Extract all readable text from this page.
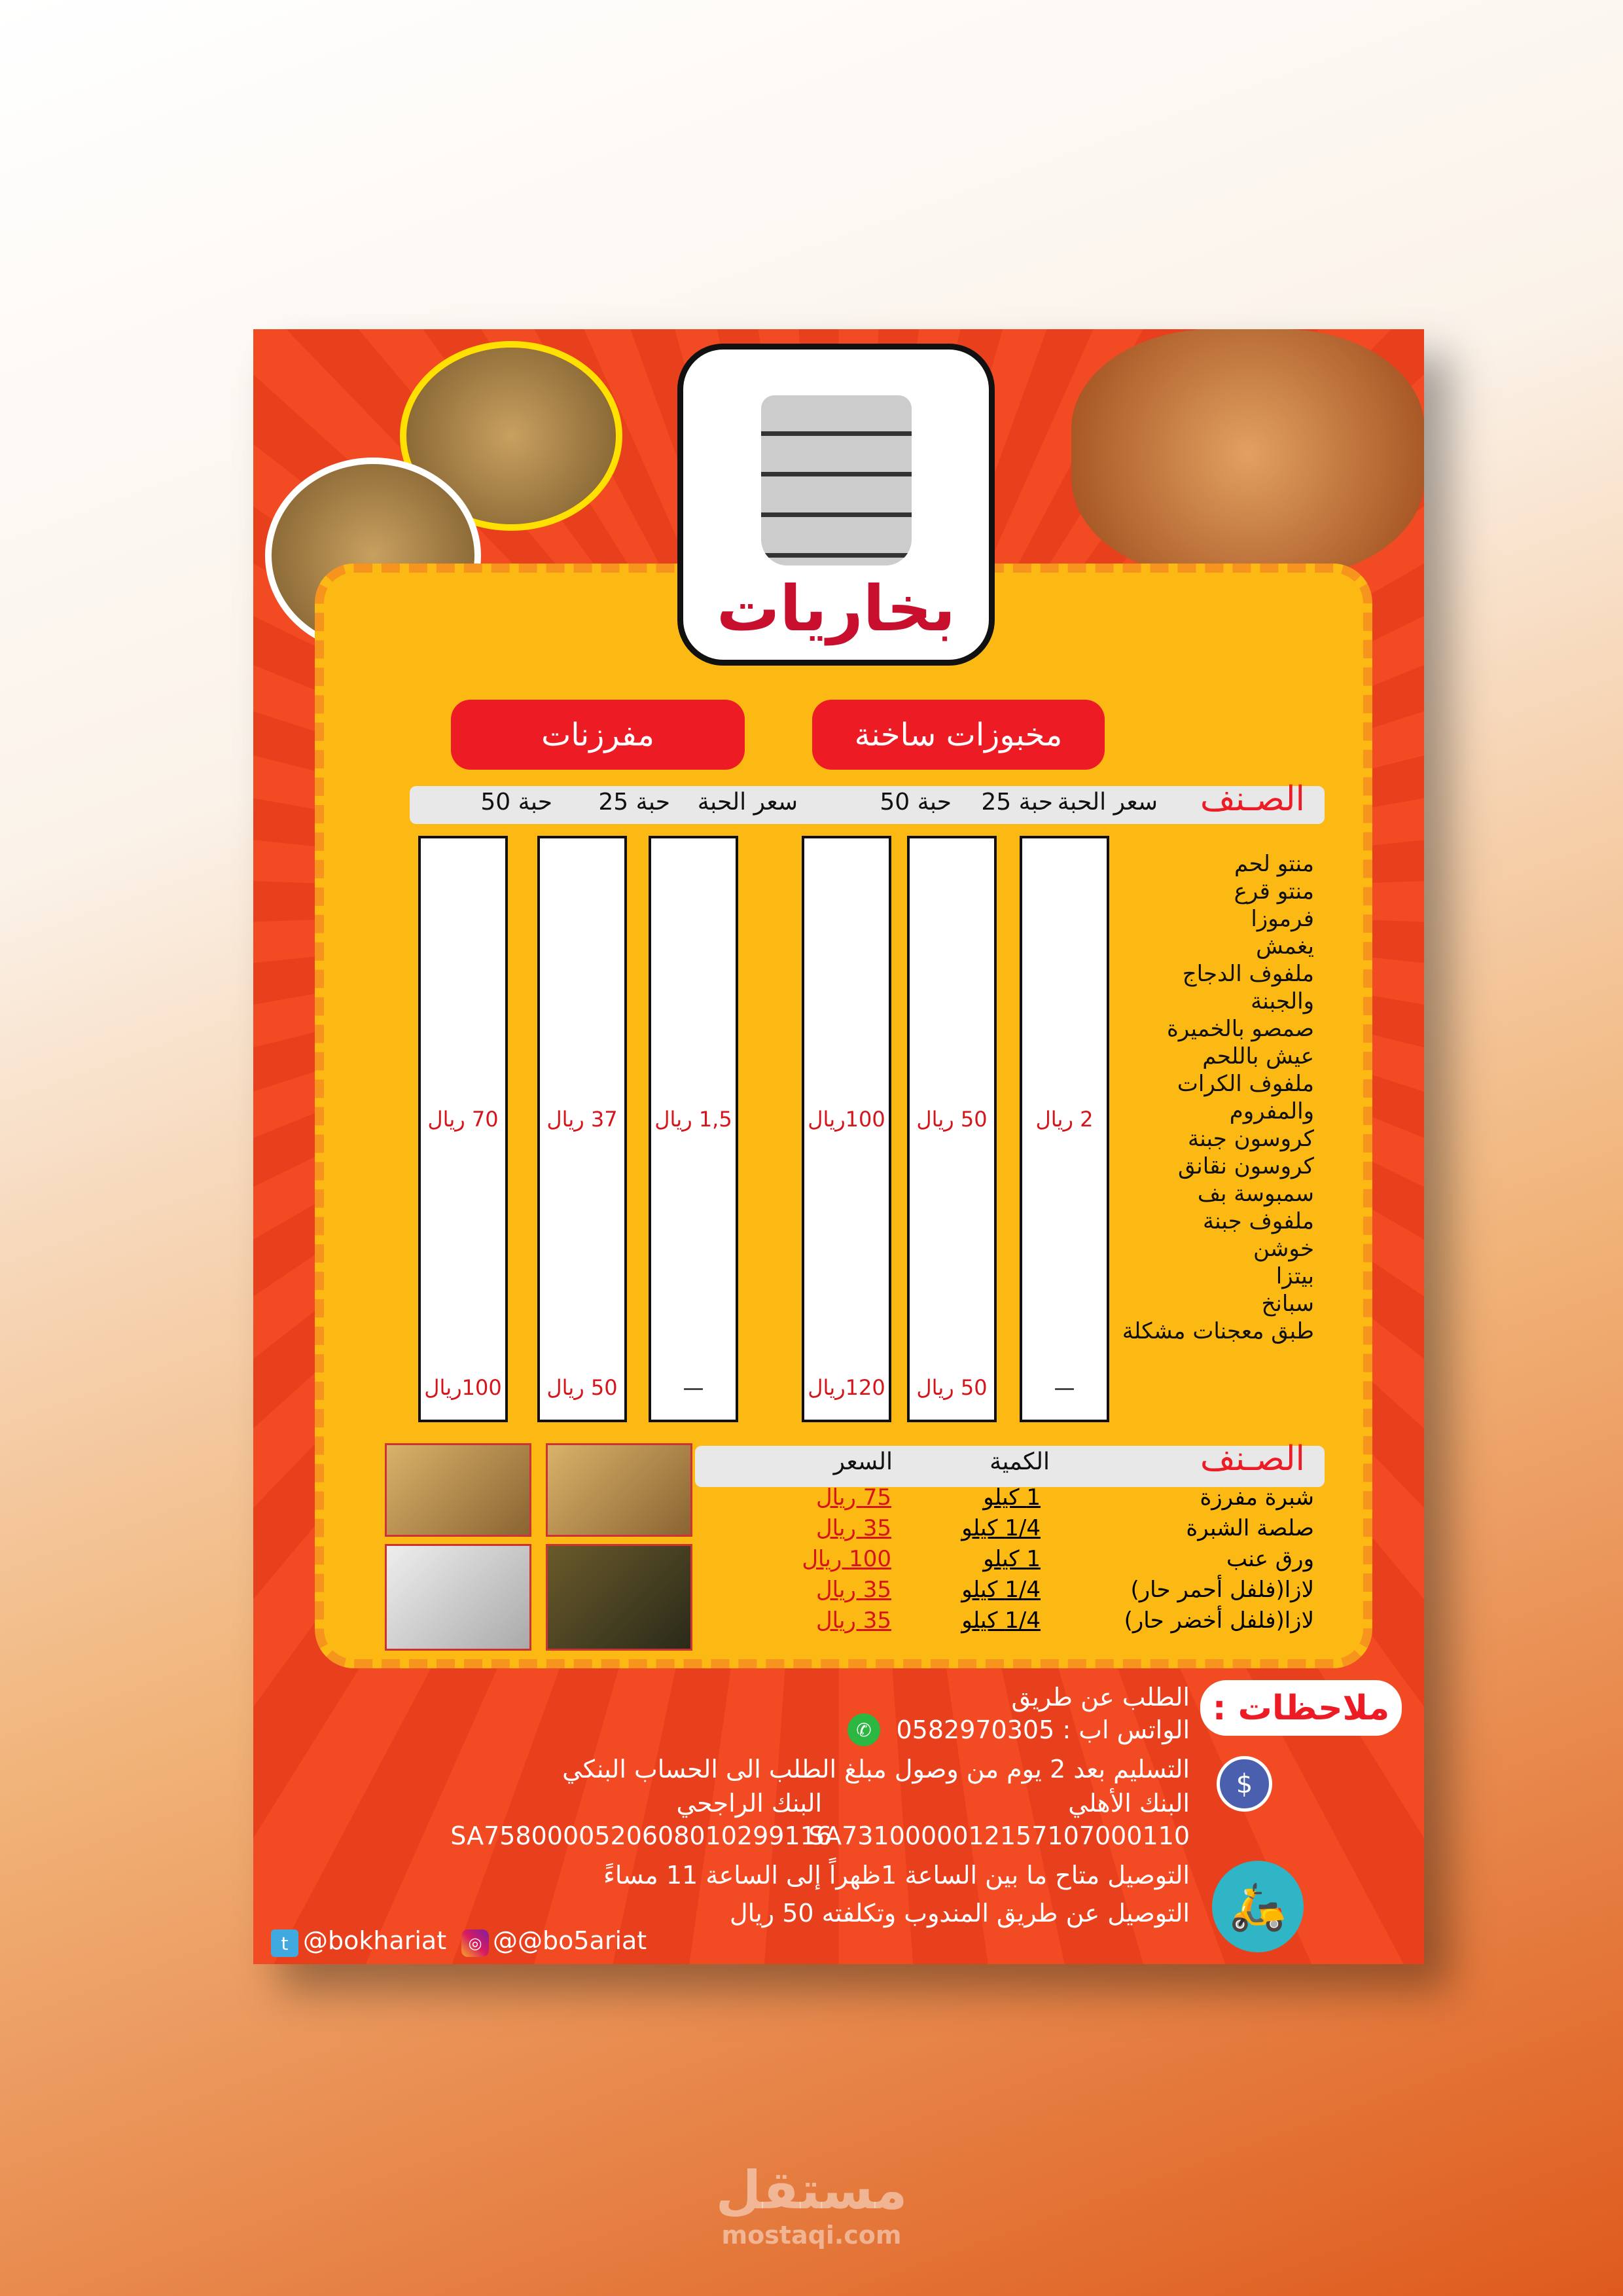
بخاريات
مخبوزات ساخنة
مفرزنات
الصـنف
سعر الحبة
25 حبة
50 حبة
سعر الحبة
25 حبة
50 حبة
2 ريال
—
50 ريال
50 ريال
100ريال
120ريال
1,5 ريال
—
37 ريال
50 ريال
70 ريال
100ريال
منتو لحم
منتو قرع
فرموزا
يغمش
ملفوف الدجاج والجبنة
صمصو بالخميرة
عيش باللحم
ملفوف الكرات والمفروم
كروسون جبنة
كروسون نقانق
سمبوسة بف
ملفوف جبنة
خوشن
بيتزا
سبانخ
طبق معجنات مشكلة
الصـنف
الكمية
السعر
شبرة مفرزة
1 كيلو
75 ريال
صلصة الشبرة
1/4 كيلو
35 ريال
ورق عنب
1 كيلو
100 ريال
لازا(فلفل أحمر حار)
1/4 كيلو
35 ريال
لازا(فلفل أخضر حار)
1/4 كيلو
35 ريال
ملاحظات :
الطلب عن طريق
الواتس اب : 0582970305
✆
$
التسليم بعد 2 يوم من وصول مبلغ الطلب الى الحساب البنكي
البنك الأهلي
البنك الراجحي
SA7310000012157107000110
SA7580000520608010299116
التوصيل متاح ما بين الساعة 1ظهراً إلى الساعة 11 مساءً
التوصيل عن طريق المندوب وتكلفته 50 ريال 🛵
t @bokhariat	◎ @@bo5ariat
مستقل
mostaqi.com
